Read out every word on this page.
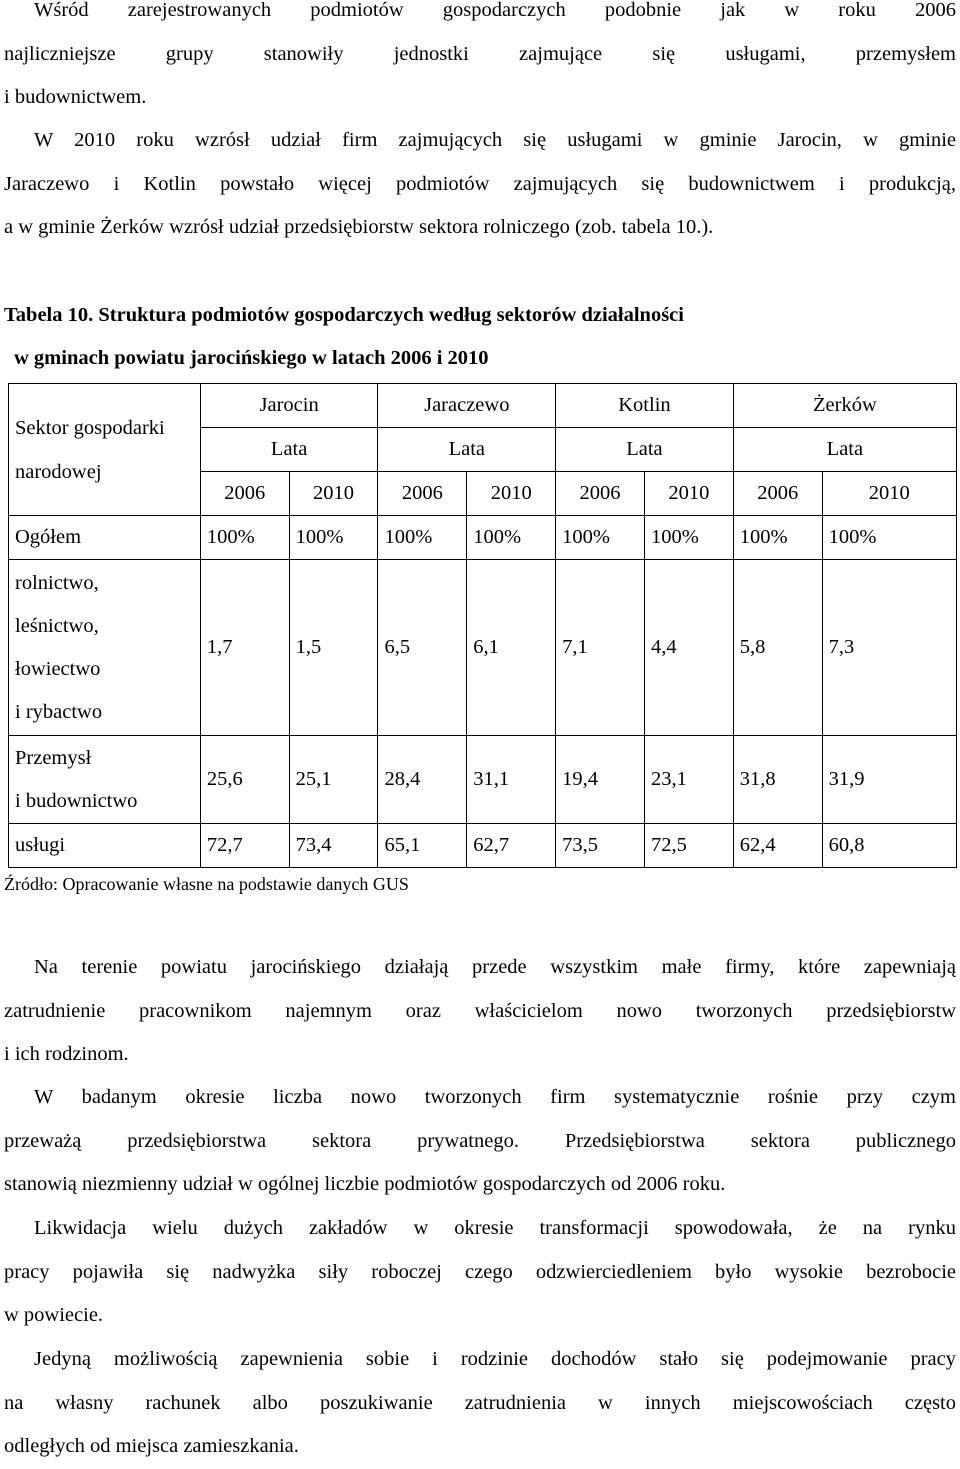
Wśród zarejestrowanych podmiotów gospodarczych podobnie jak w roku 2006
najliczniejsze grupy stanowiły jednostki zajmujące się usługami, przemysłem
i budownictwem.
W 2010 roku wzrósł udział firm zajmujących się usługami w gminie Jarocin, w gminie
Jaraczewo i Kotlin powstało więcej podmiotów zajmujących się budownictwem i produkcją,
a w gminie Żerków wzrósł udział przedsiębiorstw sektora rolniczego (zob. tabela 10.).
Tabela 10. Struktura podmiotów gospodarczych według sektorów działalności
w gminach powiatu jarocińskiego w latach 2006 i 2010
Sektor gospodarki narodowej	Jarocin		Jaraczewo		Kotlin		Żerków	
	Lata		Lata		Lata		Lata	
	2006	2010	2006	2010	2006	2010	2006	2010
Ogółem	100%	100%	100%	100%	100%	100%	100%	100%

rolnictwo,
leśnictwo,
łowiectwo
i rybactwo	1,7	1,5	6,5	6,1	7,1	4,4	5,8	7,3

Przemysł
i budownictwo	25,6	25,1	28,4	31,1	19,4	23,1	31,8	31,9
usługi	72,7	73,4	65,1	62,7	73,5	72,5	62,4	60,8
Źródło: Opracowanie własne na podstawie danych GUS
Na terenie powiatu jarocińskiego działają przede wszystkim małe firmy, które zapewniają
zatrudnienie pracownikom najemnym oraz właścicielom nowo tworzonych przedsiębiorstw
i ich rodzinom.
W badanym okresie liczba nowo tworzonych firm systematycznie rośnie przy czym
przeważą przedsiębiorstwa sektora prywatnego. Przedsiębiorstwa sektora publicznego
stanowią niezmienny udział w ogólnej liczbie podmiotów gospodarczych od 2006 roku.
Likwidacja wielu dużych zakładów w okresie transformacji spowodowała, że na rynku
pracy pojawiła się nadwyżka siły roboczej czego odzwierciedleniem było wysokie bezrobocie
w powiecie.
Jedyną możliwością zapewnienia sobie i rodzinie dochodów stało się podejmowanie pracy
na własny rachunek albo poszukiwanie zatrudnienia w innych miejscowościach często
odległych od miejsca zamieszkania.
